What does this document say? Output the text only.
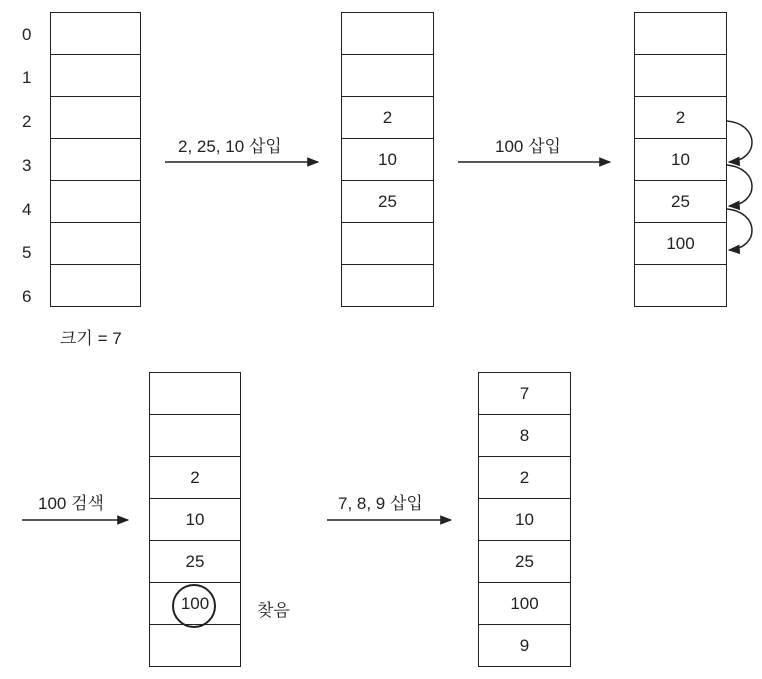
0
1
2
3
4
5
6
크기 = 7
2, 25, 10 삽입
2
10
25
100 삽입
2
10
25
100
100 검색
2
10
25
100	찾음
7, 8, 9 삽입
7
8
2
10
25
100
9
